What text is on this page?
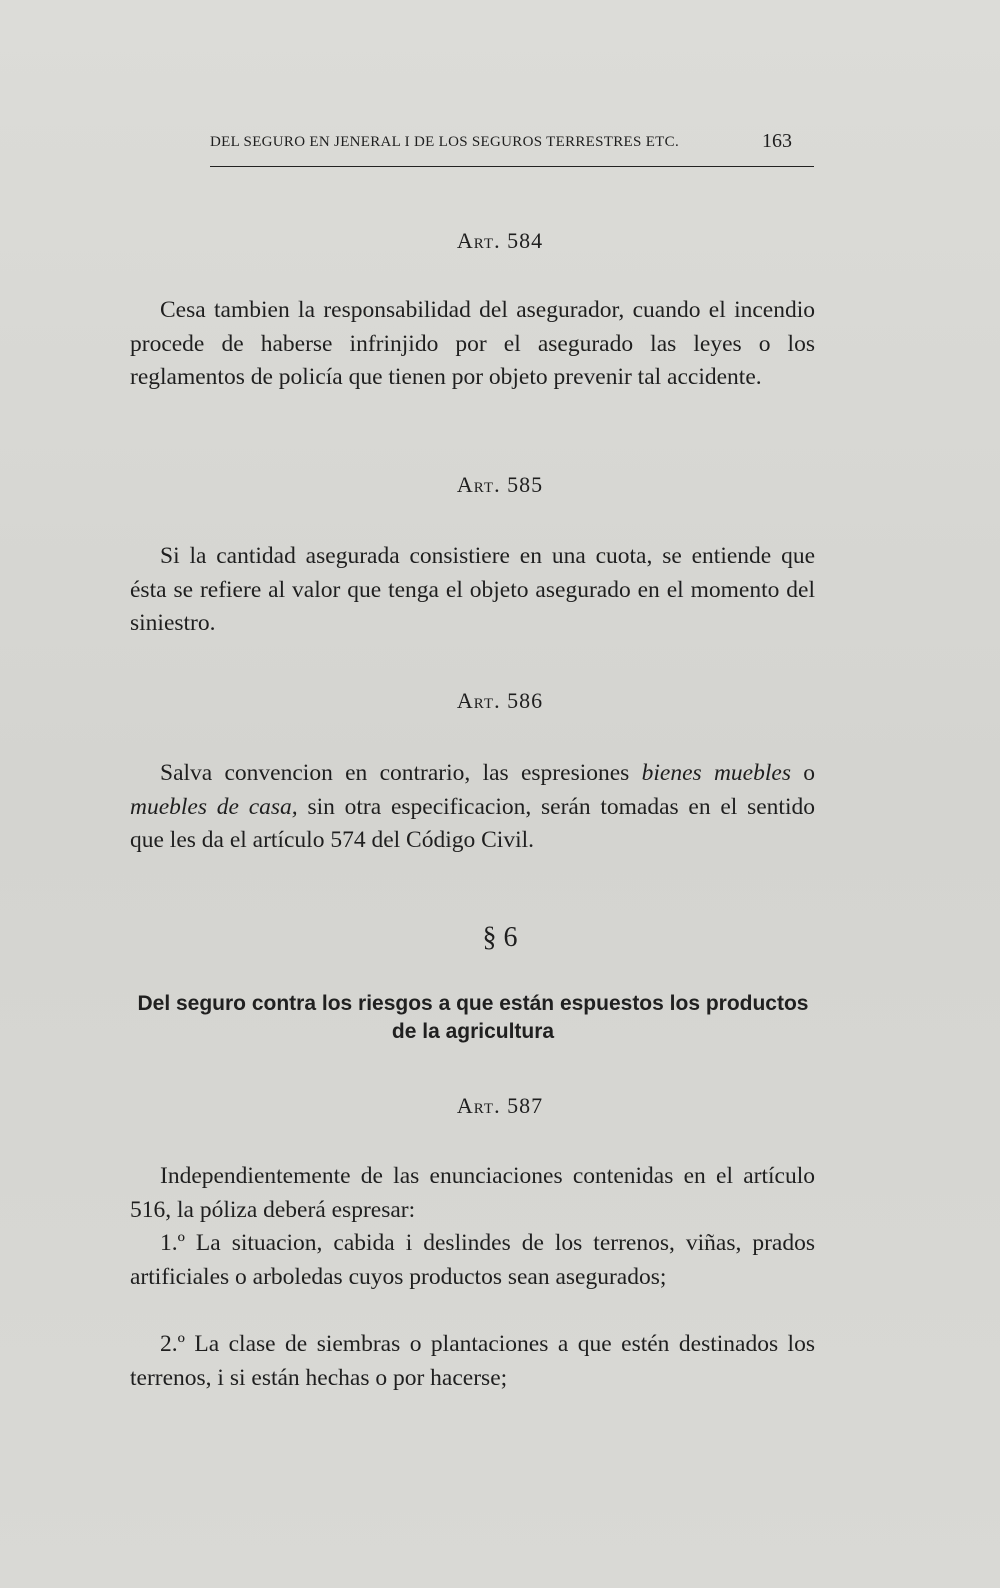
DEL SEGURO EN JENERAL I DE LOS SEGUROS TERRESTRES ETC.	163
Art. 584
Cesa tambien la responsabilidad del asegurador, cuando el incendio procede de haberse infrinjido por el asegurado las leyes o los reglamentos de policía que tienen por objeto prevenir tal accidente.
Art. 585
Si la cantidad asegurada consistiere en una cuota, se entiende que ésta se refiere al valor que tenga el objeto asegurado en el momento del siniestro.
Art. 586
Salva convencion en contrario, las espresiones bienes muebles o muebles de casa, sin otra especificacion, serán tomadas en el sentido que les da el artículo 574 del Código Civil.
§ 6
Del seguro contra los riesgos a que están espuestos los productos de la agricultura
Art. 587
Independientemente de las enunciaciones contenidas en el artículo 516, la póliza deberá espresar:
1.º La situacion, cabida i deslindes de los terrenos, viñas, prados artificiales o arboledas cuyos productos sean asegurados;
2.º La clase de siembras o plantaciones a que estén destinados los terrenos, i si están hechas o por hacerse;
